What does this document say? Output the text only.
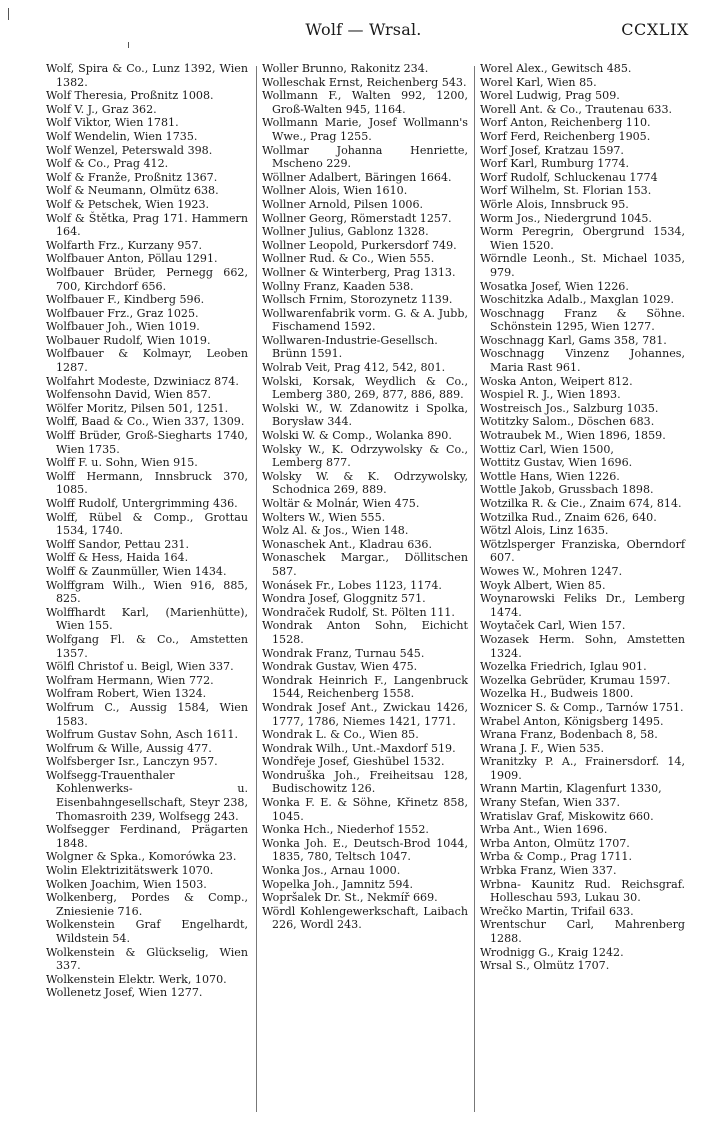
Wolf — Wrsal.	CCXLIX
Wolf, Spira & Co., Lunz 1392, Wien 1382.
Wolf Theresia, Proßnitz 1008.
Wolf V. J., Graz 362.
Wolf Viktor, Wien 1781.
Wolf Wendelin, Wien 1735.
Wolf Wenzel, Peterswald 398.
Wolf & Co., Prag 412.
Wolf & Franže, Proßnitz 1367.
Wolf & Neumann, Olmütz 638.
Wolf & Petschek, Wien 1923.
Wolf & Štětka, Prag 171. Hammern 164.
Wolfarth Frz., Kurzany 957.
Wolfbauer Anton, Pöllau 1291.
Wolfbauer Brüder, Pernegg 662, 700, Kirchdorf 656.
Wolfbauer F., Kindberg 596.
Wolfbauer Frz., Graz 1025.
Wolfbauer Joh., Wien 1019.
Wolbauer Rudolf, Wien 1019.
Wolfbauer & Kolmayr, Leoben 1287.
Wolfahrt Modeste, Dzwiniacz 874.
Wolfensohn David, Wien 857.
Wölfer Moritz, Pilsen 501, 1251.
Wolff, Baad & Co., Wien 337, 1309.
Wolff Brüder, Groß-Siegharts 1740, Wien 1735.
Wolff F. u. Sohn, Wien 915.
Wolff Hermann, Innsbruck 370, 1085.
Wolff Rudolf, Untergrimming 436.
Wolff, Rübel & Comp., Grottau 1534, 1740.
Wolff Sandor, Pettau 231.
Wolff & Hess, Haida 164.
Wolff & Zaunmüller, Wien 1434.
Wolffgram Wilh., Wien 916, 885, 825.
Wolffhardt Karl, (Marienhütte), Wien 155.
Wolfgang Fl. & Co., Amstetten 1357.
Wölfl Christof u. Beigl, Wien 337.
Wolfram Hermann, Wien 772.
Wolfram Robert, Wien 1324.
Wolfrum C., Aussig 1584, Wien 1583.
Wolfrum Gustav Sohn, Asch 1611.
Wolfrum & Wille, Aussig 477.
Wolfsberger Isr., Lanczyn 957.
Wolfsegg-Trauenthaler Kohlenwerks- u. Eisenbahngesellschaft, Steyr 238, Thomasroith 239, Wolfsegg 243.
Wolfsegger Ferdinand, Prägarten 1848.
Wolgner & Spka., Komorówka 23.
Wolin Elektrizitätswerk 1070.
Wolken Joachim, Wien 1503.
Wolkenberg, Pordes & Comp., Zniesienie 716.
Wolkenstein Graf Engelhardt, Wildstein 54.
Wolkenstein & Glückselig, Wien 337.
Wolkenstein Elektr. Werk, 1070.
Wollenetz Josef, Wien 1277.
Woller Brunno, Rakonitz 234.
Wolleschak Ernst, Reichenberg 543.
Wollmann F., Walten 992, 1200, Groß-Walten 945, 1164.
Wollmann Marie, Josef Wollmann's Wwe., Prag 1255.
Wollmar Johanna Henriette, Mscheno 229.
Wöllner Adalbert, Bäringen 1664.
Wollner Alois, Wien 1610.
Wollner Arnold, Pilsen 1006.
Wollner Georg, Römerstadt 1257.
Wollner Julius, Gablonz 1328.
Wollner Leopold, Purkersdorf 749.
Wollner Rud. & Co., Wien 555.
Wollner & Winterberg, Prag 1313.
Wollny Franz, Kaaden 538.
Wollsch Frnim, Storozynetz 1139.
Wollwarenfabrik vorm. G. & A. Jubb, Fischamend 1592.
Wollwaren-Industrie-Gesellsch. Brünn 1591.
Wolrab Veit, Prag 412, 542, 801.
Wolski, Korsak, Weydlich & Co., Lemberg 380, 269, 877, 886, 889.
Wolski W., W. Zdanowitz i Spolka, Borysław 344.
Wolski W. & Comp., Wolanka 890.
Wolsky W., K. Odrzywolsky & Co., Lemberg 877.
Wolsky W. & K. Odrzywolsky, Schodnica 269, 889.
Woltär & Molnár, Wien 475.
Wolters W., Wien 555.
Wolz Al. & Jos., Wien 148.
Wonaschek Ant., Kladrau 636.
Wonaschek Margar., Döllitschen 587.
Wonásek Fr., Lobes 1123, 1174.
Wondra Josef, Gloggnitz 571.
Wondraček Rudolf, St. Pölten 111.
Wondrak Anton Sohn, Eichicht 1528.
Wondrak Franz, Turnau 545.
Wondrak Gustav, Wien 475.
Wondrak Heinrich F., Langenbruck 1544, Reichenberg 1558.
Wondrak Josef Ant., Zwickau 1426, 1777, 1786, Niemes 1421, 1771.
Wondrak L. & Co., Wien 85.
Wondrak Wilh., Unt.-Maxdorf 519.
Wondřeje Josef, Gieshübel 1532.
Wondruška Joh., Freiheitsau 128, Budischowitz 126.
Wonka F. E. & Söhne, Křinetz 858, 1045.
Wonka Hch., Niederhof 1552.
Wonka Joh. E., Deutsch-Brod 1044, 1835, 780, Teltsch 1047.
Wonka Jos., Arnau 1000.
Wopelka Joh., Jamnitz 594.
Wopršalek Dr. St., Nekmíř 669.
Wördl Kohlengewerkschaft, Laibach 226, Wordl 243.
Worel Alex., Gewitsch 485.
Worel Karl, Wien 85.
Worel Ludwig, Prag 509.
Worell Ant. & Co., Trautenau 633.
Worf Anton, Reichenberg 110.
Worf Ferd, Reichenberg 1905.
Worf Josef, Kratzau 1597.
Worf Karl, Rumburg 1774.
Worf Rudolf, Schluckenau 1774
Worf Wilhelm, St. Florian 153.
Wörle Alois, Innsbruck 95.
Worm Jos., Niedergrund 1045.
Worm Peregrin, Obergrund 1534, Wien 1520.
Wörndle Leonh., St. Michael 1035, 979.
Wosatka Josef, Wien 1226.
Woschitzka Adalb., Maxglan 1029.
Woschnagg Franz & Söhne. Schönstein 1295, Wien 1277.
Woschnagg Karl, Gams 358, 781.
Woschnagg Vinzenz Johannes, Maria Rast 961.
Woska Anton, Weipert 812.
Wospiel R. J., Wien 1893.
Wostreisch Jos., Salzburg 1035.
Wotitzky Salom., Döschen 683.
Wotraubek M., Wien 1896, 1859.
Wottiz Carl, Wien 1500,
Wottitz Gustav, Wien 1696.
Wottle Hans, Wien 1226.
Wottle Jakob, Grussbach 1898.
Wotzilka R. & Cie., Znaim 674, 814.
Wotzilka Rud., Znaim 626, 640.
Wötzl Alois, Linz 1635.
Wötzlsperger Franziska, Oberndorf 607.
Wowes W., Mohren 1247.
Woyk Albert, Wien 85.
Woynarowski Feliks Dr., Lemberg 1474.
Woytaček Carl, Wien 157.
Wozasek Herm. Sohn, Amstetten 1324.
Wozelka Friedrich, Iglau 901.
Wozelka Gebrüder, Krumau 1597.
Wozelka H., Budweis 1800.
Woznicer S. & Comp., Tarnów 1751.
Wrabel Anton, Königsberg 1495.
Wrana Franz, Bodenbach 8, 58.
Wrana J. F., Wien 535.
Wranitzky P. A., Frainersdorf. 14, 1909.
Wrann Martin, Klagenfurt 1330,
Wrany Stefan, Wien 337.
Wratislav Graf, Miskowitz 660.
Wrba Ant., Wien 1696.
Wrba Anton, Olmütz 1707.
Wrba & Comp., Prag 1711.
Wrbka Franz, Wien 337.
Wrbna- Kaunitz Rud. Reichsgraf. Holleschau 593, Lukau 30.
Wrečko Martin, Trifail 633.
Wrentschur Carl, Mahrenberg 1288.
Wrodnigg G., Kraig 1242.
Wrsal S., Olmütz 1707.
